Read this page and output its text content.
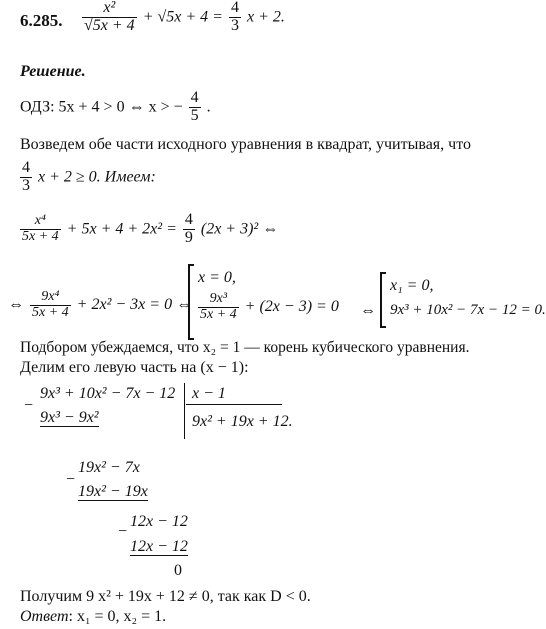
6.285. $\frac{\text{x²}}{√5x + 4} + √5x + 4 = \frac{4}{3}$ x + 2.
Решение.
ОДЗ: 5x + 4 > 0 ⇔ x > − $\frac{4}{5}$ .
Возведем обе части исходного уравнения в квадрат, учитывая, что
$\frac{4}{3}$ x + 2 ≥ 0. Имеем:
$\frac{\text{x⁴}}{5x + 4} + 5x + 4 + 2x^2 = \frac{4}{9} (2x + 3)^2$ ⇔
⇔ $\frac{\text{9x⁴}}{5x + 4} + 2x^2 - 3x = 0$ ⇔
x = 0,
$\frac{\text{9x³}}{5x + 4} + (2x - 3) = 0$ ⇔
x₁ = 0,
9x³ + 10x² − 7x − 12 = 0.
Подбором убеждаемся, что x₂ = 1 — корень кубического уравнения.
Делим его левую часть на (x − 1):
−
9x³ + 10x² − 7x − 12 x − 1
9x³ − 9x²	9x² + 19x + 12.
−
19x² − 7x
19x² − 19x
−
12x − 12
12x − 12
0
Получим 9 x² + 19x + 12 ≠ 0, так как D < 0.
Ответ: x₁ = 0, x₂ = 1.
